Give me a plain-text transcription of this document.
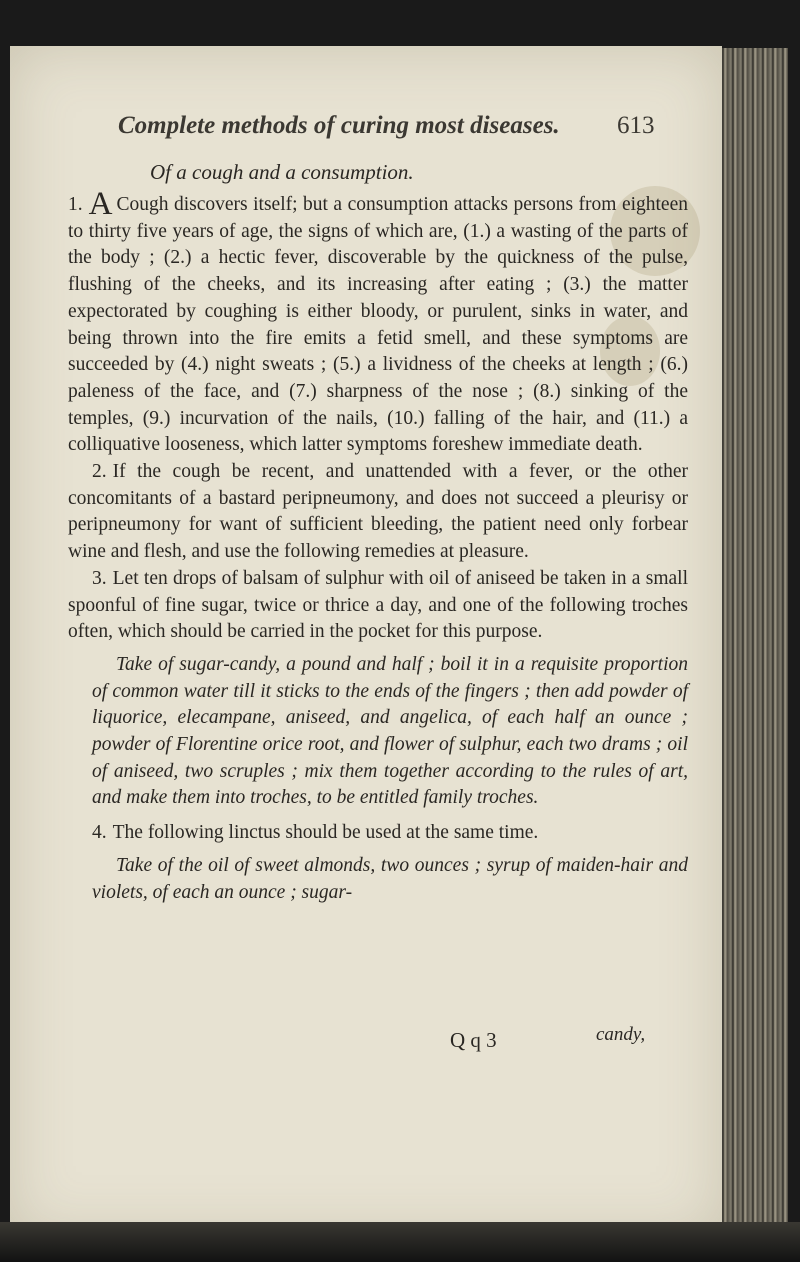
Complete methods of curing most diseases.	613
Of a cough and a consumption.

1. A Cough discovers itself; but a consumption attacks persons from eighteen to thirty five years of age, the signs of which are, (1.) a wasting of the parts of the body ; (2.) a hectic fever, discoverable by the quickness of the pulse, flushing of the cheeks, and its increasing after eating ; (3.) the matter expectorated by coughing is either bloody, or purulent, sinks in water, and being thrown into the fire emits a fetid smell, and these symptoms are succeeded by (4.) night sweats ; (5.) a lividness of the cheeks at length ; (6.) paleness of the face, and (7.) sharpness of the nose ; (8.) sinking of the temples, (9.) incurvation of the nails, (10.) falling of the hair, and (11.) a colliquative looseness, which latter symptoms foreshew immediate death.

2. If the cough be recent, and unattended with a fever, or the other concomitants of a bastard peripneumony, and does not succeed a pleurisy or peripneumony for want of sufficient bleeding, the patient need only forbear wine and flesh, and use the following remedies at pleasure.

3. Let ten drops of balsam of sulphur with oil of aniseed be taken in a small spoonful of fine sugar, twice or thrice a day, and one of the following troches often, which should be carried in the pocket for this purpose.

Take of sugar-candy, a pound and half ; boil it in a requisite proportion of common water till it sticks to the ends of the fingers ; then add powder of liquorice, elecampane, aniseed, and angelica, of each half an ounce ; powder of Florentine orice root, and flower of sulphur, each two drams ; oil of aniseed, two scruples ; mix them together according to the rules of art, and make them into troches, to be entitled family troches.

4. The following linctus should be used at the same time.

Take of the oil of sweet almonds, two ounces ; syrup of maiden-hair and violets, of each an ounce ; sugar-

Q q 3	candy,
